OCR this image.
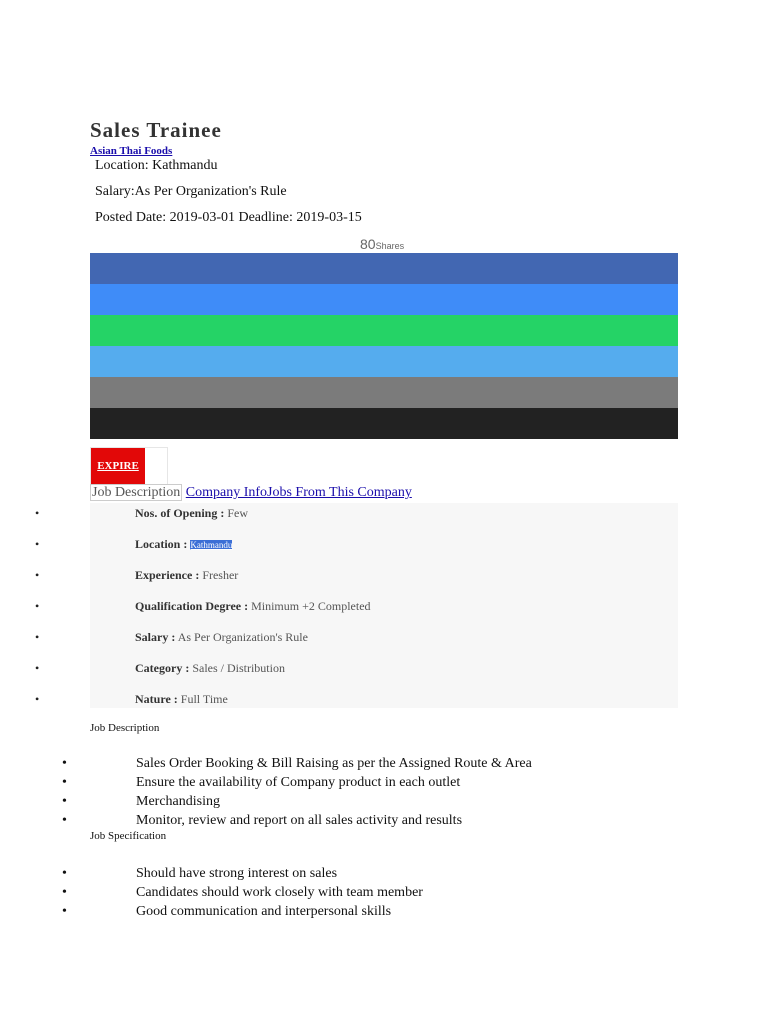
Sales Trainee
Asian Thai Foods
Location: Kathmandu
Salary:As Per Organization's Rule
Posted Date: 2019-03-01 Deadline: 2019-03-15
80Shares
EXPIRE
Job Description Company InfoJobs From This Company
•	Nos. of Opening : Few
•	Location : Kathmandu
•	Experience : Fresher
•	Qualification Degree : Minimum +2 Completed
•	Salary : As Per Organization's Rule
•	Category : Sales / Distribution
•	Nature : Full Time
Job Description
•	Sales Order Booking & Bill Raising as per the Assigned Route & Area
•	Ensure the availability of Company product in each outlet
•	Merchandising
•	Monitor, review and report on all sales activity and results
Job Specification
•	Should have strong interest on sales
•	Candidates should work closely with team member
•	Good communication and interpersonal skills
